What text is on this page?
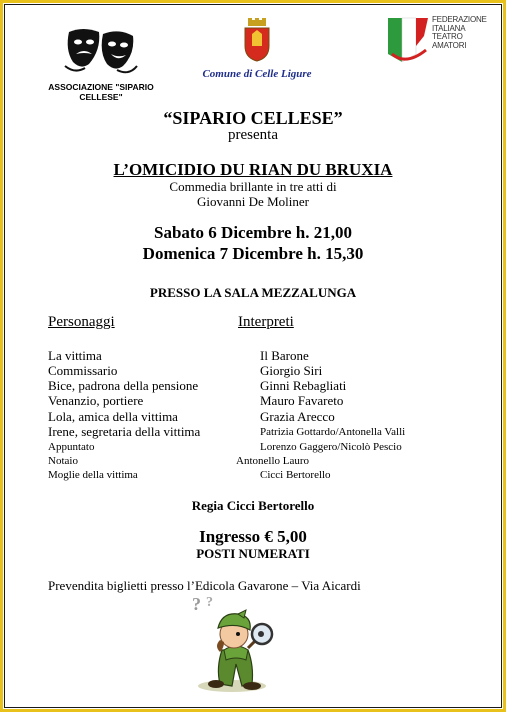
ASSOCIAZIONE "SIPARIO CELLESE"
Comune di Celle Ligure
FEDERAZIONE
ITALIANA
TEATRO
AMATORI
“SIPARIO CELLESE”
presenta
L’OMICIDIO DU RIAN DU BRUXIA
Commedia brillante in tre atti di
Giovanni De Moliner
Sabato 6 Dicembre h. 21,00
Domenica 7 Dicembre h. 15,30
PRESSO LA SALA MEZZALUNGA
Personaggi	Interpreti
La vittima	Il Barone
Commissario	Giorgio Siri
Bice, padrona della pensione	Ginni Rebagliati
Venanzio, portiere	Mauro Favareto
Lola, amica della vittima	Grazia Arecco
Irene, segretaria della vittima	Patrizia Gottardo/Antonella Valli
Appuntato	Lorenzo Gaggero/Nicolò Pescio
Notaio	Antonello Lauro
Moglie della vittima	Cicci Bertorello
Regia Cicci Bertorello
Ingresso € 5,00
POSTI NUMERATI
Prevendita biglietti presso l’Edicola Gavarone – Via Aicardi
? ?
